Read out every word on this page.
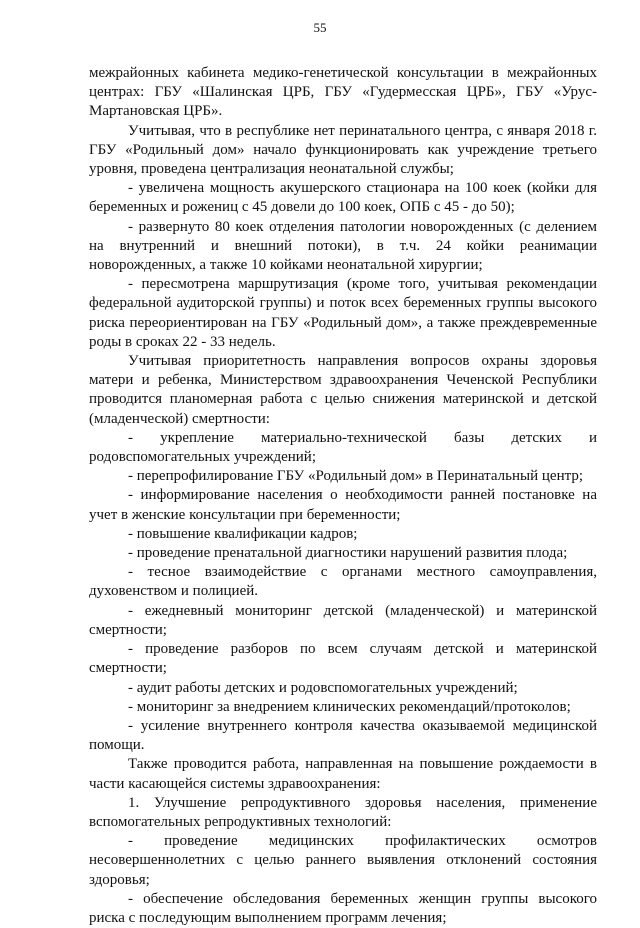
55

межрайонных кабинета медико-генетической консультации в межрайонных центрах: ГБУ «Шалинская ЦРБ, ГБУ «Гудермесская ЦРБ», ГБУ «Урус-Мартановская ЦРБ».

Учитывая, что в республике нет перинатального центра, с января 2018 г. ГБУ «Родильный дом» начало функционировать как учреждение третьего уровня, проведена централизация неонатальной службы;

- увеличена мощность акушерского стационара на 100 коек (койки для беременных и рожениц с 45 довели до 100 коек, ОПБ с 45 - до 50);

- развернуто 80 коек отделения патологии новорожденных (с делением на внутренний и внешний потоки), в т.ч. 24 койки реанимации новорожденных, а также 10 койками неонатальной хирургии;

- пересмотрена маршрутизация (кроме того, учитывая рекомендации федеральной аудиторской группы) и поток всех беременных группы высокого риска переориентирован на ГБУ «Родильный дом», а также преждевременные роды в сроках 22 - 33 недель.

Учитывая приоритетность направления вопросов охраны здоровья матери и ребенка, Министерством здравоохранения Чеченской Республики проводится планомерная работа с целью снижения материнской и детской (младенческой) смертности:

- укрепление материально-технической базы детских и родовспомогательных учреждений;

- перепрофилирование ГБУ «Родильный дом» в Перинатальный центр;

- информирование населения о необходимости ранней постановке на учет в женские консультации при беременности;

- повышение квалификации кадров;

- проведение пренатальной диагностики нарушений развития плода;

- тесное взаимодействие с органами местного самоуправления, духовенством и полицией.

- ежедневный мониторинг детской (младенческой) и материнской смертности;

- проведение разборов по всем случаям детской и материнской смертности;

- аудит работы детских и родовспомогательных учреждений;

- мониторинг за внедрением клинических рекомендаций/протоколов;

- усиление внутреннего контроля качества оказываемой медицинской помощи.

Также проводится работа, направленная на повышение рождаемости в части касающейся системы здравоохранения:

1. Улучшение репродуктивного здоровья населения, применение вспомогательных репродуктивных технологий:

- проведение медицинских профилактических осмотров несовершеннолетних с целью раннего выявления отклонений состояния здоровья;

- обеспечение обследования беременных женщин группы высокого риска с последующим выполнением программ лечения;
